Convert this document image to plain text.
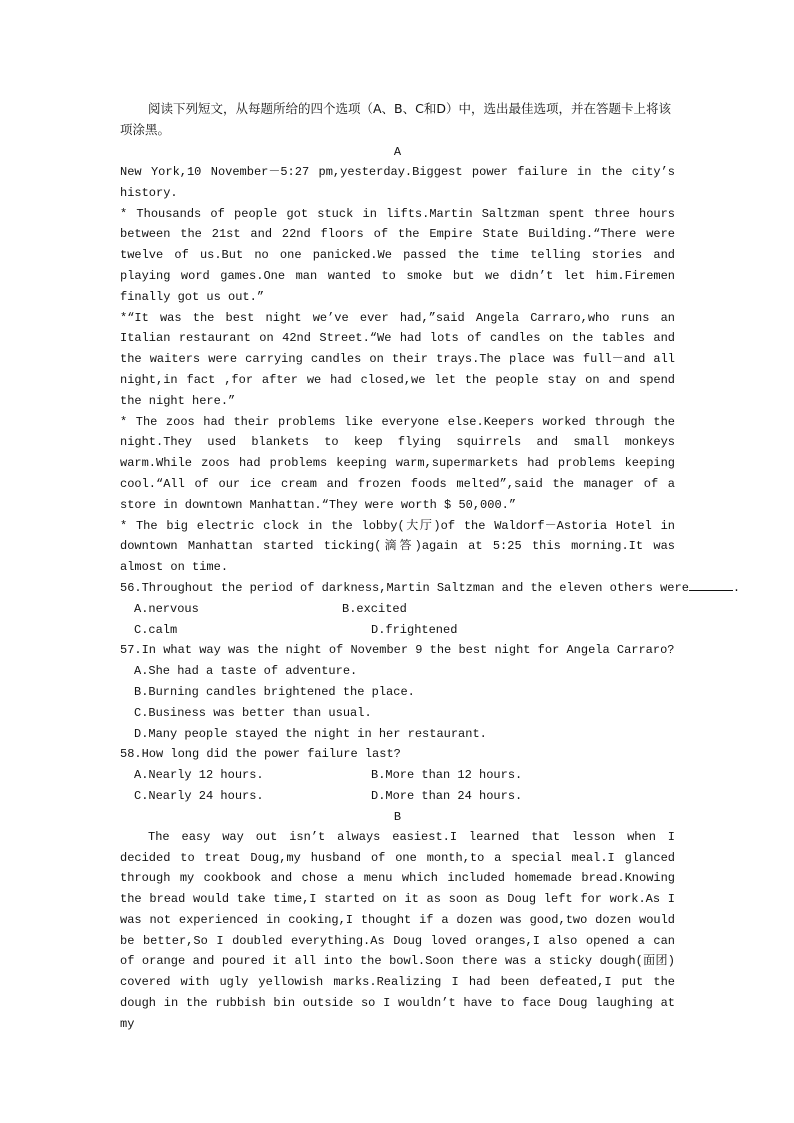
阅读下列短文，从每题所给的四个选项（A、B、C和D）中，选出最佳选项，并在答题卡上将该项涂黑。

A

New York,10 November－5:27 pm,yesterday.Biggest power failure in the city’s history.

* Thousands of people got stuck in lifts.Martin Saltzman spent three hours between the 21st and 22nd floors of the Empire State Building.“There were twelve of us.But no one panicked.We passed the time telling stories and playing word games.One man wanted to smoke but we didn’t let him.Firemen finally got us out.”

*“It was the best night we’ve ever had,”said Angela Carraro,who runs an Italian restaurant on 42nd Street.“We had lots of candles on the tables and the waiters were carrying candles on their trays.The place was full－and all night,in fact ,for after we had closed,we let the people stay on and spend the night here.”

* The zoos had their problems like everyone else.Keepers worked through the night.They used blankets to keep flying squirrels and small monkeys warm.While zoos had problems keeping warm,supermarkets had problems keeping cool.“All of our ice cream and frozen foods melted”,said the manager of a store in downtown Manhattan.“They were worth $ 50,000.”

* The big electric clock in the lobby(大厅)of the Waldorf－Astoria Hotel in downtown Manhattan started ticking(滴答)again at 5:25 this morning.It was almost on time.

56.Throughout the period of darkness,Martin Saltzman and the eleven others were	.
A.nervous	B.excited
C.calm	D.frightened
57.In what way was the night of November 9 the best night for Angela Carraro?
A.She had a taste of adventure.
B.Burning candles brightened the place.
C.Business was better than usual.
D.Many people stayed the night in her restaurant.
58.How long did the power failure last?
A.Nearly 12 hours.	B.More than 12 hours.
C.Nearly 24 hours.	D.More than 24 hours.
B

The easy way out isn’t always easiest.I learned that lesson when I decided to treat Doug,my husband of one month,to a special meal.I glanced through my cookbook and chose a menu which included homemade bread.Knowing the bread would take time,I started on it as soon as Doug left for work.As I was not experienced in cooking,I thought if a dozen was good,two dozen would be better,So I doubled everything.As Doug loved oranges,I also opened a can of orange and poured it all into the bowl.Soon there was a sticky dough(面团) covered with ugly yellowish marks.Realizing I had been defeated,I put the dough in the rubbish bin outside so I wouldn’t have to face Doug laughing at my
